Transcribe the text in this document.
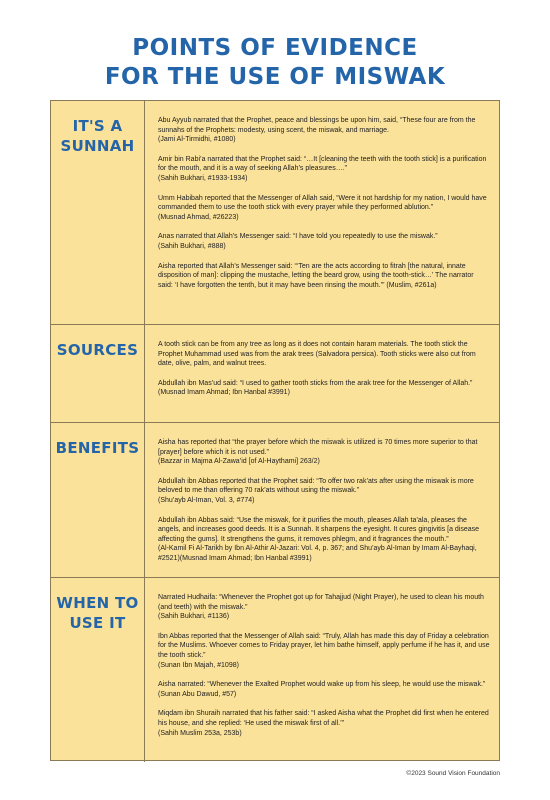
POINTS OF EVIDENCE
FOR THE USE OF MISWAK
IT'S A
SUNNAH

Abu Ayyub narrated that the Prophet, peace and blessings be upon him, said, “These four are from the sunnahs of the Prophets: modesty, using scent, the miswak, and marriage.

(Jami Al-Tirmidhi, #1080)

Amir bin Rabi’a narrated that the Prophet said: “…It [cleaning the teeth with the tooth stick] is a purification for the mouth, and it is a way of seeking Allah’s pleasures….”

(Sahih Bukhari, #1933-1934)

Umm Habibah reported that the Messenger of Allah said, “Were it not hardship for my nation, I would have commanded them to use the tooth stick with every prayer while they performed ablution.”

(Musnad Ahmad, #26223)

Anas narrated that Allah’s Messenger said: “I have told you repeatedly to use the miswak.”

(Sahih Bukhari, #888)

Aisha reported that Allah’s Messenger said: “‘Ten are the acts according to fitrah [the natural, innate disposition of man]: clipping the mustache, letting the beard grow, using the tooth-stick…’ The narrator said: ‘I have forgotten the tenth, but it may have been rinsing the mouth.’” (Muslim, #261a)

SOURCES	A tooth stick can be from any tree as long as it does not contain haram materials. The tooth stick the Prophet Muhammad used was from the arak trees (Salvadora persica). Tooth sticks were also cut from date, olive, palm, and walnut trees.

Abdullah ibn Mas’ud said: “I used to gather tooth sticks from the arak tree for the Messenger of Allah.”

(Musnad Imam Ahmad; Ibn Hanbal #3991)

BENEFITS	Aisha has reported that “the prayer before which the miswak is utilized is 70 times more superior to that [prayer] before which it is not used.”

(Bazzar in Majma Al-Zawa’id [of Al-Haythami] 263/2)

Abdullah ibn Abbas reported that the Prophet said: “To offer two rak’ats after using the miswak is more beloved to me than offering 70 rak’ats without using the miswak.”

(Shu’ayb Al-Iman, Vol. 3, #774)

Abdullah ibn Abbas said: “Use the miswak, for it purifies the mouth, pleases Allah ta’ala, pleases the angels, and increases good deeds. It is a Sunnah. It sharpens the eyesight. It cures gingivitis [a disease affecting the gums]. It strengthens the gums, it removes phlegm, and it fragrances the mouth.”

(Al-Kamil Fi Al-Tarikh by Ibn Al-Athir Al-Jazari: Vol. 4, p. 367; and Shu’ayb Al-Iman by Imam Al-Bayhaqi, #2521)(Musnad Imam Ahmad; Ibn Hanbal #3991)

WHEN TO
USE IT

Narrated Hudhaifa: “Whenever the Prophet got up for Tahajjud (Night Prayer), he used to clean his mouth (and teeth) with the miswak.”

(Sahih Bukhari, #1136)

Ibn Abbas reported that the Messenger of Allah said: “Truly, Allah has made this day of Friday a celebration for the Muslims. Whoever comes to Friday prayer, let him bathe himself, apply perfume if he has it, and use the tooth stick.”

(Sunan Ibn Majah, #1098)

Aisha narrated: “Whenever the Exalted Prophet would wake up from his sleep, he would use the miswak.”

(Sunan Abu Dawud, #57)

Miqdam ibn Shuraih narrated that his father said: “I asked Aisha what the Prophet did first when he entered his house, and she replied: ‘He used the miswak first of all.’”

(Sahih Muslim 253a, 253b)

©2023 Sound Vision Foundation
